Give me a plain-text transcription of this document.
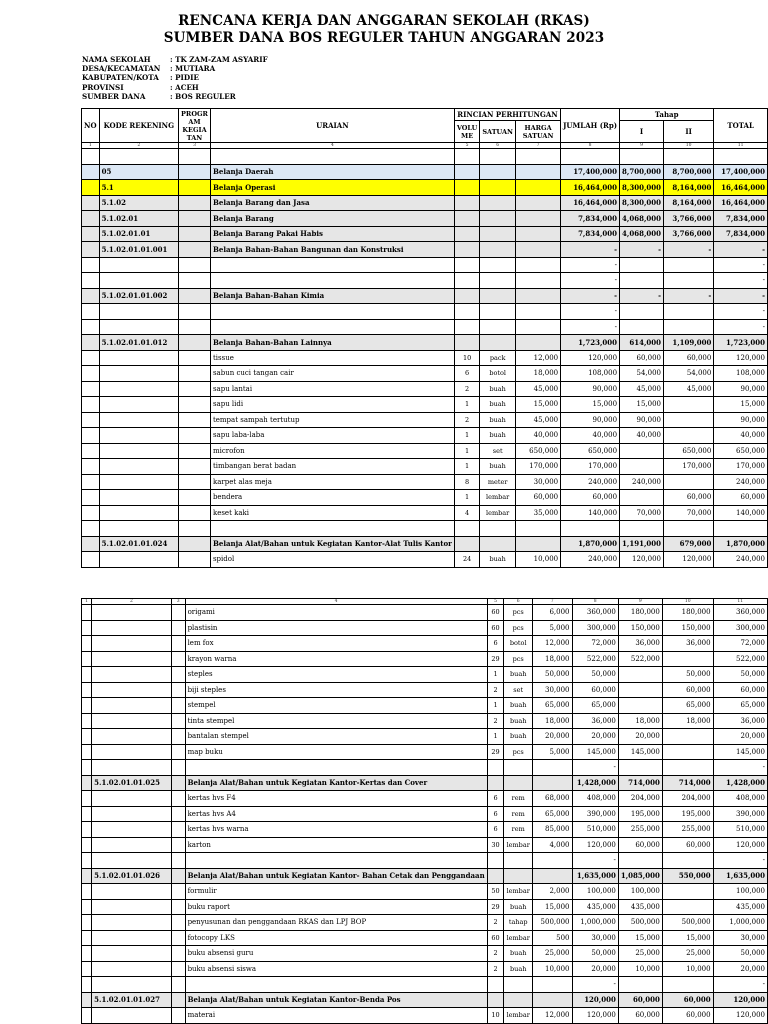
RENCANA KERJA DAN ANGGARAN SEKOLAH (RKAS)
SUMBER DANA BOS REGULER TAHUN ANGGARAN 2023
NAMA SEKOLAH	: TK ZAM-ZAM ASYARIF
DESA/KECAMATAN	: MUTIARA
KABUPATEN/KOTA	: PIDIE
PROVINSI	: ACEH
SUMBER DANA	: BOS REGULER
NO	KODE REKENING	PROGR AM KEGIA TAN	URAIAN	RINCIAN PERHITUNGAN			JUMLAH (Rp)	Tahap		TOTAL
				VOLU ME	SATUAN	HARGA SATUAN		I	II	
1	2	3	4	5	6	7	8	9	10	11

	05		Belanja Daerah				17,400,000	8,700,000	8,700,000	17,400,000
	5.1		Belanja Operasi				16,464,000	8,300,000	8,164,000	16,464,000
	5.1.02		Belanja Barang dan Jasa				16,464,000	8,300,000	8,164,000	16,464,000
	5.1.02.01		Belanja Barang				7,834,000	4,068,000	3,766,000	7,834,000
	5.1.02.01.01		Belanja Barang Pakai Habis				7,834,000	4,068,000	3,766,000	7,834,000
	5.1.02.01.01.001		Belanja Bahan-Bahan Bangunan dan Konstruksi				-	-	-	-
							-			-
							-			-
	5.1.02.01.01.002		Belanja Bahan-Bahan Kimia				-	-	-	-
							-			-
							-			-
	5.1.02.01.01.012		Belanja Bahan-Bahan Lainnya				1,723,000	614,000	1,109,000	1,723,000
			tissue	10	pack	12,000	120,000	60,000	60,000	120,000
			sabun cuci tangan cair	6	botol	18,000	108,000	54,000	54,000	108,000
			sapu lantai	2	buah	45,000	90,000	45,000	45,000	90,000
			sapu lidi	1	buah	15,000	15,000	15,000		15,000
			tempat sampah tertutup	2	buah	45,000	90,000	90,000		90,000
			sapu laba-laba	1	buah	40,000	40,000	40,000		40,000
			microfon	1	set	650,000	650,000		650,000	650,000
			timbangan berat badan	1	buah	170,000	170,000		170,000	170,000
			karpet alas meja	8	meter	30,000	240,000	240,000		240,000
			bendera	1	lembar	60,000	60,000		60,000	60,000
			keset kaki	4	lembar	35,000	140,000	70,000	70,000	140,000

	5.1.02.01.01.024		Belanja Alat/Bahan untuk Kegiatan Kantor-Alat Tulis Kantor				1,870,000	1,191,000	679,000	1,870,000
			spidol	24	buah	10,000	240,000	120,000	120,000	240,000
1	2	3	4	5	6	7	8	9	10	11
			origami	60	pcs	6,000	360,000	180,000	180,000	360,000
			plastisin	60	pcs	5,000	300,000	150,000	150,000	300,000
			lem fox	6	botol	12,000	72,000	36,000	36,000	72,000
			krayon warna	29	pcs	18,000	522,000	522,000		522,000
			steples	1	buah	50,000	50,000		50,000	50,000
			biji steples	2	set	30,000	60,000		60,000	60,000
			stempel	1	buah	65,000	65,000		65,000	65,000
			tinta stempel	2	buah	18,000	36,000	18,000	18,000	36,000
			bantalan stempel	1	buah	20,000	20,000	20,000		20,000
			map buku	29	pcs	5,000	145,000	145,000		145,000
							-			-
	5.1.02.01.01.025		Belanja Alat/Bahan untuk Kegiatan Kantor-Kertas dan Cover				1,428,000	714,000	714,000	1,428,000
			kertas hvs F4	6	rem	68,000	408,000	204,000	204,000	408,000
			kertas hvs A4	6	rem	65,000	390,000	195,000	195,000	390,000
			kertas hvs warna	6	rem	85,000	510,000	255,000	255,000	510,000
			karton	30	lembar	4,000	120,000	60,000	60,000	120,000
							-			-
	5.1.02.01.01.026		Belanja Alat/Bahan untuk Kegiatan Kantor- Bahan Cetak dan Penggandaan				1,635,000	1,085,000	550,000	1,635,000
			formulir	50	lembar	2,000	100,000	100,000		100,000
			buku raport	29	buah	15,000	435,000	435,000		435,000
			penyusunan dan penggandaan RKAS dan LPJ BOP	2	tahap	500,000	1,000,000	500,000	500,000	1,000,000
			fotocopy LKS	60	lembar	500	30,000	15,000	15,000	30,000
			buku absensi guru	2	buah	25,000	50,000	25,000	25,000	50,000
			buku absensi siswa	2	buah	10,000	20,000	10,000	10,000	20,000
							-			-
	5.1.02.01.01.027		Belanja Alat/Bahan untuk Kegiatan Kantor-Benda Pos				120,000	60,000	60,000	120,000
			materai	10	lembar	12,000	120,000	60,000	60,000	120,000
